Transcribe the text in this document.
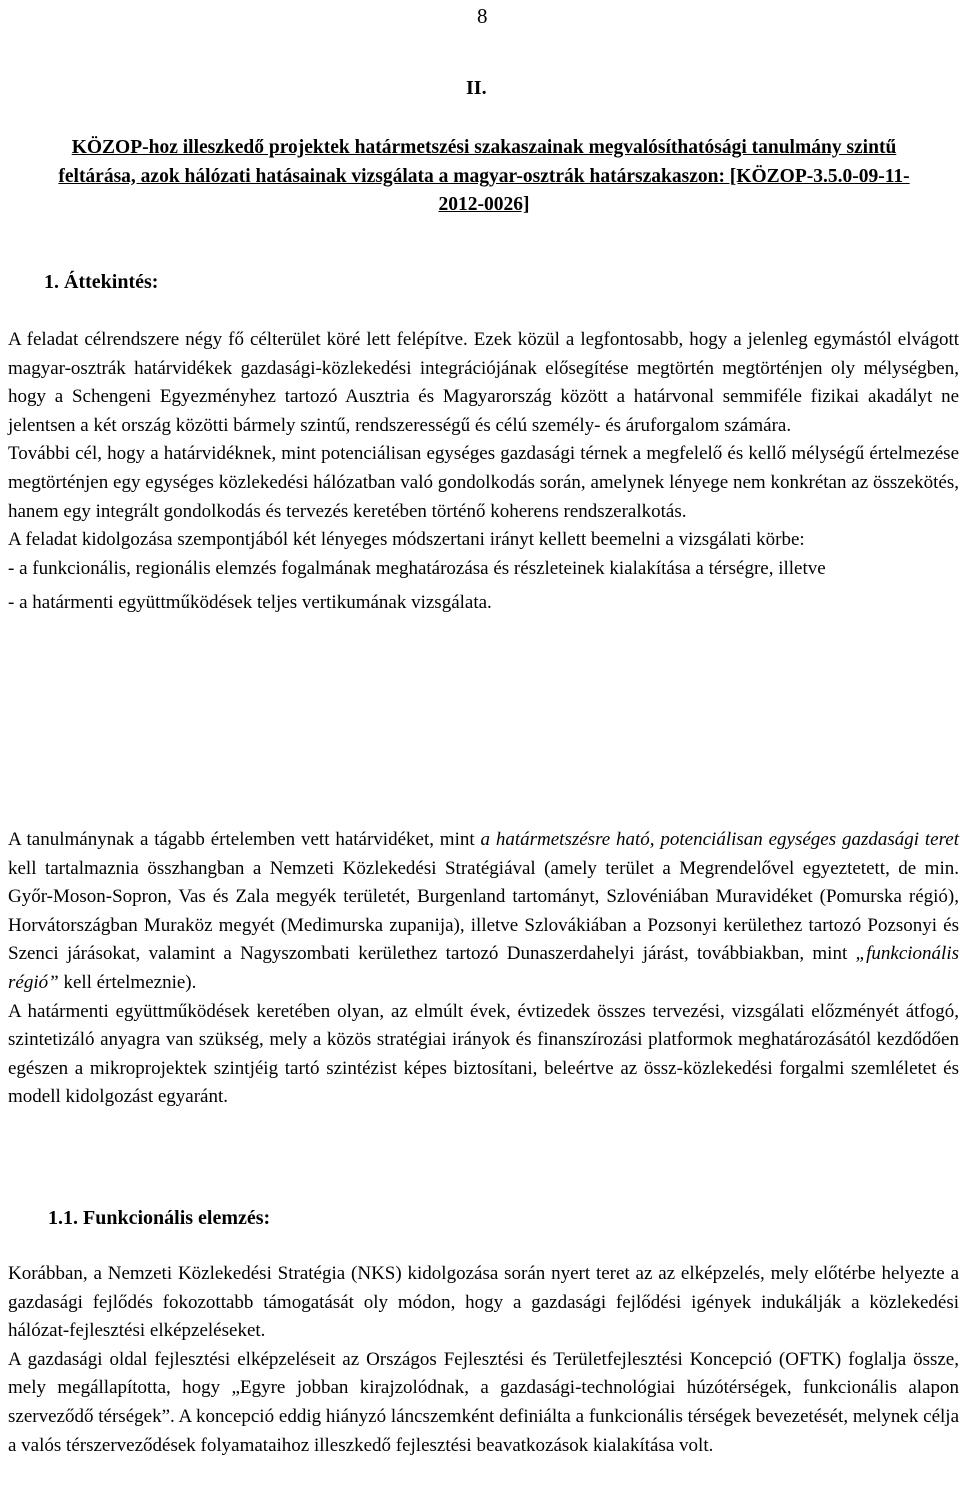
8
II.
KÖZOP-hoz illeszkedő projektek határmetszési szakaszainak megvalósíthatósági tanulmány szintű feltárása, azok hálózati hatásainak vizsgálata a magyar-osztrák határszakaszon: [KÖZOP-3.5.0-09-11-2012-0026]
1. Áttekintés:

A feladat célrendszere négy fő célterület köré lett felépítve. Ezek közül a legfontosabb, hogy a jelenleg egymástól elvágott magyar-osztrák határvidékek gazdasági-közlekedési integrációjának elősegítése megtörtén megtörténjen oly mélységben, hogy a Schengeni Egyezményhez tartozó Ausztria és Magyarország között a határvonal semmiféle fizikai akadályt ne jelentsen a két ország közötti bármely szintű, rendszerességű és célú személy- és áruforgalom számára.

További cél, hogy a határvidéknek, mint potenciálisan egységes gazdasági térnek a megfelelő és kellő mélységű értelmezése megtörténjen egy egységes közlekedési hálózatban való gondolkodás során, amelynek lényege nem konkrétan az összekötés, hanem egy integrált gondolkodás és tervezés keretében történő koherens rendszeralkotás.

A feladat kidolgozása szempontjából két lényeges módszertani irányt kellett beemelni a vizsgálati körbe:

- a funkcionális, regionális elemzés fogalmának meghatározása és részleteinek kialakítása a térségre, illetve

- a határmenti együttműködések teljes vertikumának vizsgálata.

A tanulmánynak a tágabb értelemben vett határvidéket, mint a határmetszésre ható, potenciálisan egységes gazdasági teret kell tartalmaznia összhangban a Nemzeti Közlekedési Stratégiával (amely terület a Megrendelővel egyeztetett, de min. Győr-Moson-Sopron, Vas és Zala megyék területét, Burgenland tartományt, Szlovéniában Muravidéket (Pomurska régió), Horvátországban Muraköz megyét (Medimurska zupanija), illetve Szlovákiában a Pozsonyi kerülethez tartozó Pozsonyi és Szenci járásokat, valamint a Nagyszombati kerülethez tartozó Dunaszerdahelyi járást, továbbiakban, mint „funkcionális régió” kell értelmeznie).

A határmenti együttműködések keretében olyan, az elmúlt évek, évtizedek összes tervezési, vizsgálati előzményét átfogó, szintetizáló anyagra van szükség, mely a közös stratégiai irányok és finanszírozási platformok meghatározásától kezdődően egészen a mikroprojektek szintjéig tartó szintézist képes biztosítani, beleértve az össz-közlekedési forgalmi szemléletet és modell kidolgozást egyaránt.

1.1. Funkcionális elemzés:

Korábban, a Nemzeti Közlekedési Stratégia (NKS) kidolgozása során nyert teret az az elképzelés, mely előtérbe helyezte a gazdasági fejlődés fokozottabb támogatását oly módon, hogy a gazdasági fejlődési igények indukálják a közlekedési hálózat-fejlesztési elképzeléseket.

A gazdasági oldal fejlesztési elképzeléseit az Országos Fejlesztési és Területfejlesztési Koncepció (OFTK) foglalja össze, mely megállapította, hogy „Egyre jobban kirajzolódnak, a gazdasági-technológiai húzótérségek, funkcionális alapon szerveződő térségek”. A koncepció eddig hiányzó láncszemként definiálta a funkcionális térségek bevezetését, melynek célja a valós térszerveződések folyamataihoz illeszkedő fejlesztési beavatkozások kialakítása volt.
